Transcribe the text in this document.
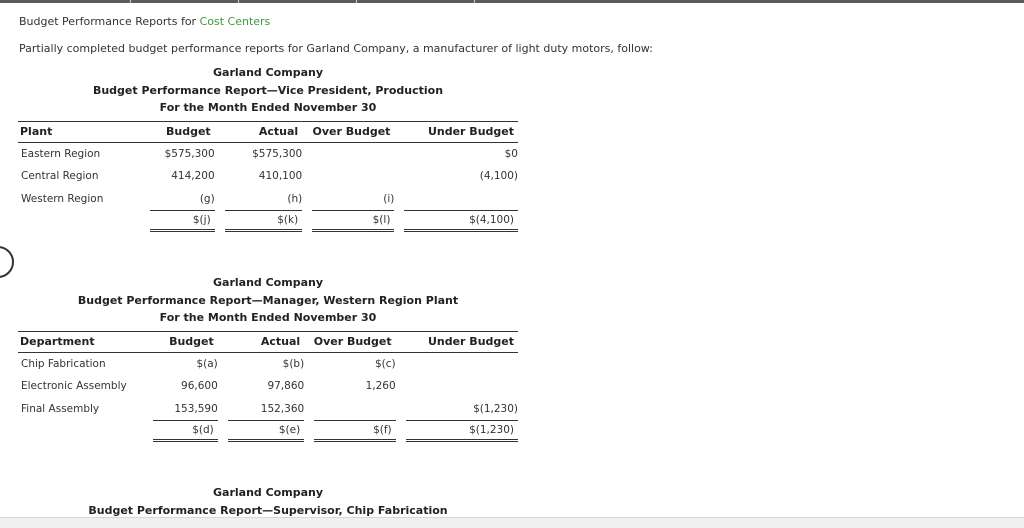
Budget Performance Reports for Cost Centers
Partially completed budget performance reports for Garland Company, a manufacturer of light duty motors, follow:
Garland Company
Budget Performance Report—Vice President, Production
For the Month Ended November 30
Plant	Budget	Actual	Over Budget	Under Budget
Eastern Region	$575,300	$575,300		$0
Central Region	414,200	410,100		(4,100)
Western Region	(g)	(h)	(i)	

	$(j)	$(k)	$(l)	$(4,100)
Garland Company
Budget Performance Report—Manager, Western Region Plant
For the Month Ended November 30
Department	Budget	Actual	Over Budget	Under Budget
Chip Fabrication	$(a)	$(b)	$(c)	
Electronic Assembly	96,600	97,860	1,260	
Final Assembly	153,590	152,360		$(1,230)

	$(d)	$(e)	$(f)	$(1,230)
Garland Company
Budget Performance Report—Supervisor, Chip Fabrication
